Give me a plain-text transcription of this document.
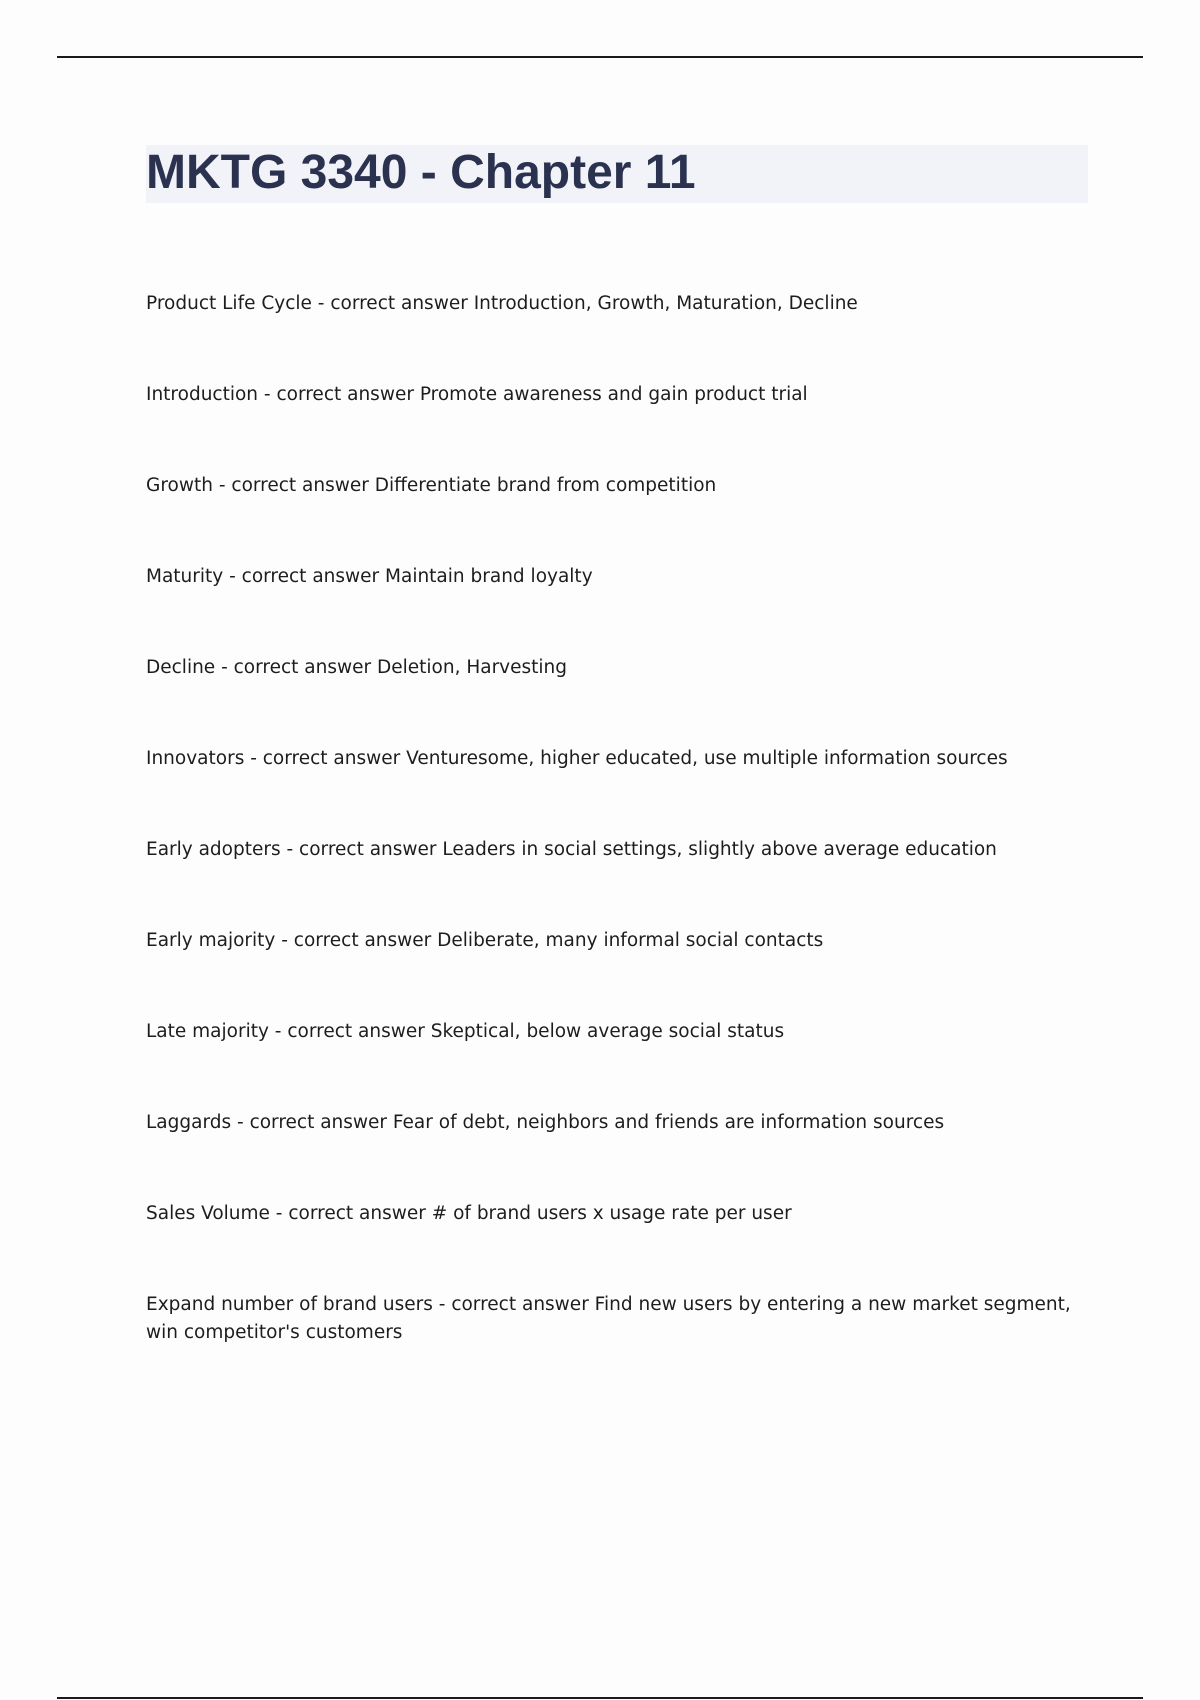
MKTG 3340 - Chapter 11
Product Life Cycle - correct answer Introduction, Growth, Maturation, Decline
Introduction - correct answer Promote awareness and gain product trial
Growth - correct answer Differentiate brand from competition
Maturity - correct answer Maintain brand loyalty
Decline - correct answer Deletion, Harvesting
Innovators - correct answer Venturesome, higher educated, use multiple information sources
Early adopters - correct answer Leaders in social settings, slightly above average education
Early majority - correct answer Deliberate, many informal social contacts
Late majority - correct answer Skeptical, below average social status
Laggards - correct answer Fear of debt, neighbors and friends are information sources
Sales Volume - correct answer # of brand users x usage rate per user
Expand number of brand users - correct answer Find new users by entering a new market segment, win competitor's customers
